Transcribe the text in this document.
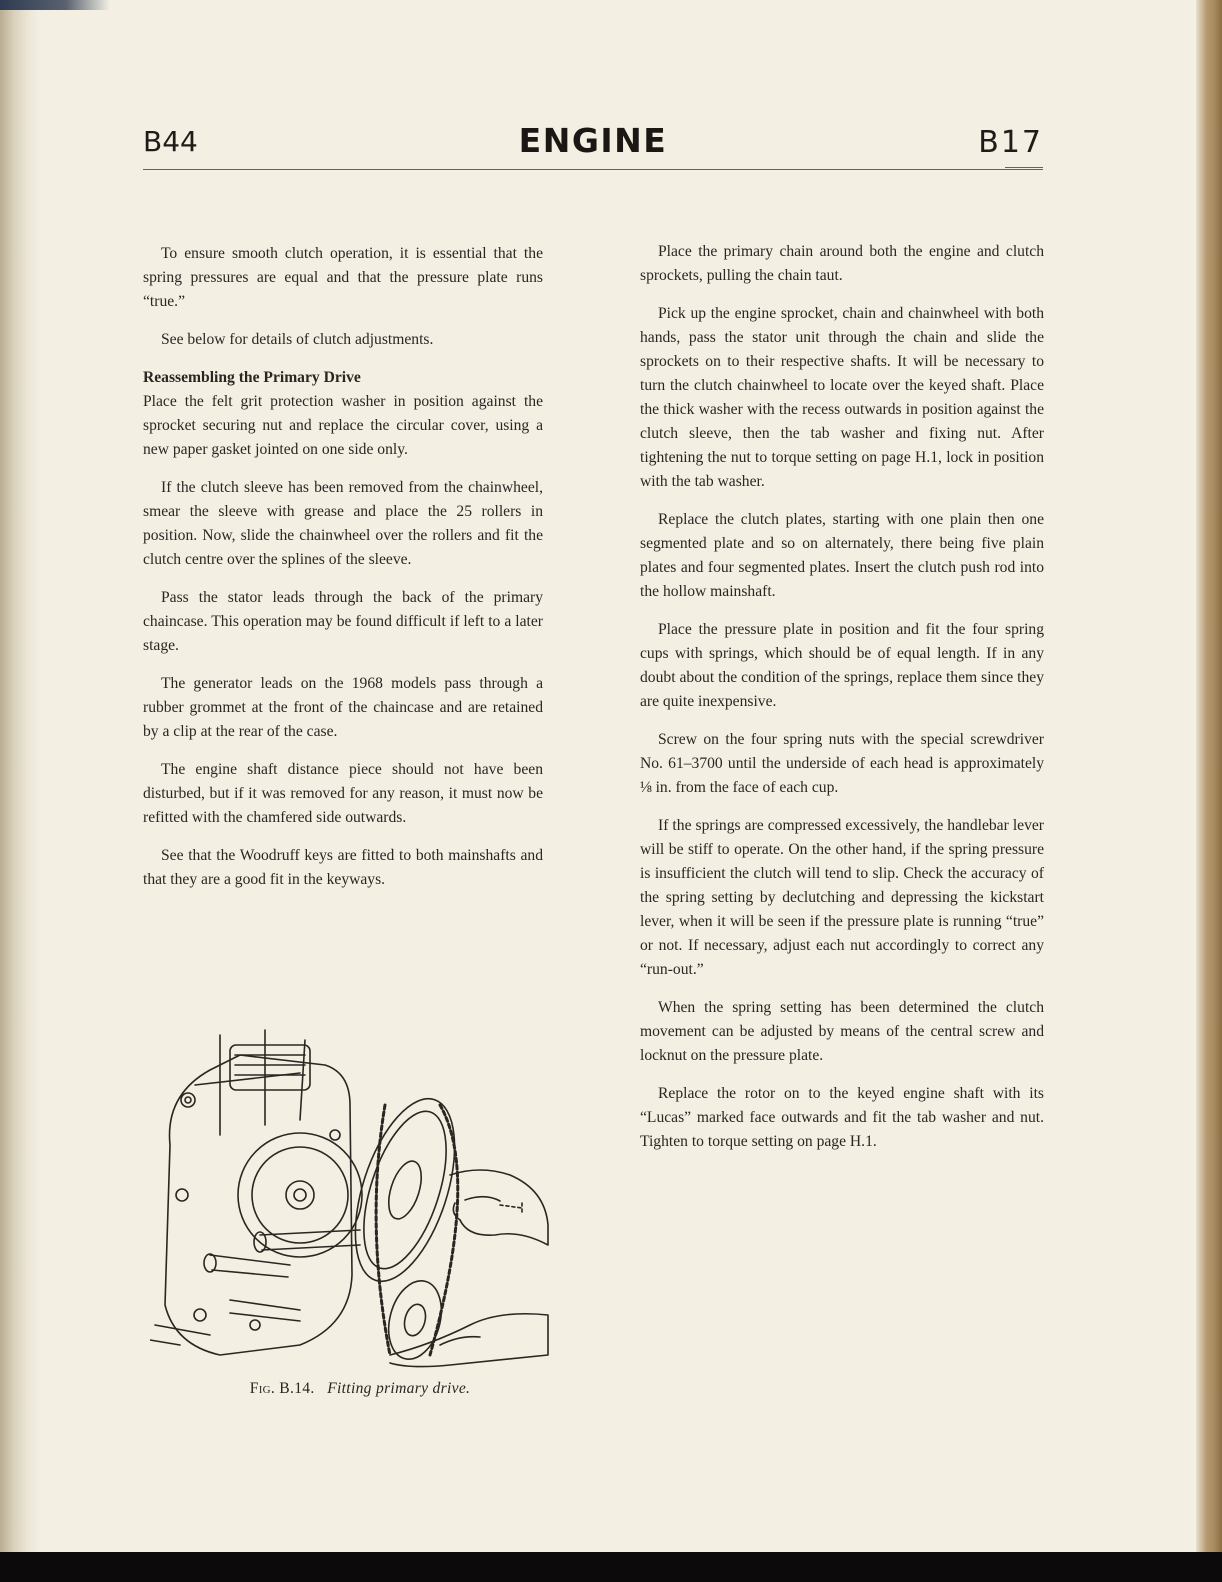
B44	ENGINE	B17

To ensure smooth clutch operation, it is essential that the spring pressures are equal and that the pressure plate runs “true.”

See below for details of clutch adjustments.

Reassembling the Primary Drive

Place the felt grit protection washer in position against the sprocket securing nut and replace the circular cover, using a new paper gasket jointed on one side only.

If the clutch sleeve has been removed from the chainwheel, smear the sleeve with grease and place the 25 rollers in position. Now, slide the chainwheel over the rollers and fit the clutch centre over the splines of the sleeve.

Pass the stator leads through the back of the primary chaincase. This operation may be found difficult if left to a later stage.

The generator leads on the 1968 models pass through a rubber grommet at the front of the chaincase and are retained by a clip at the rear of the case.

The engine shaft distance piece should not have been disturbed, but if it was removed for any reason, it must now be refitted with the chamfered side outwards.

See that the Woodruff keys are fitted to both mainshafts and that they are a good fit in the keyways.

Fig. B.14. Fitting primary drive.

Place the primary chain around both the engine and clutch sprockets, pulling the chain taut.

Pick up the engine sprocket, chain and chainwheel with both hands, pass the stator unit through the chain and slide the sprockets on to their respective shafts. It will be necessary to turn the clutch chainwheel to locate over the keyed shaft. Place the thick washer with the recess outwards in position against the clutch sleeve, then the tab washer and fixing nut. After tightening the nut to torque setting on page H.1, lock in position with the tab washer.

Replace the clutch plates, starting with one plain then one segmented plate and so on alternately, there being five plain plates and four segmented plates. Insert the clutch push rod into the hollow mainshaft.

Place the pressure plate in position and fit the four spring cups with springs, which should be of equal length. If in any doubt about the condition of the springs, replace them since they are quite inexpensive.

Screw on the four spring nuts with the special screwdriver No. 61–3700 until the underside of each head is approximately ⅛ in. from the face of each cup.

If the springs are compressed excessively, the handlebar lever will be stiff to operate. On the other hand, if the spring pressure is insufficient the clutch will tend to slip. Check the accuracy of the spring setting by declutching and depressing the kickstart lever, when it will be seen if the pressure plate is running “true” or not. If necessary, adjust each nut accordingly to correct any “run-out.”

When the spring setting has been determined the clutch movement can be adjusted by means of the central screw and locknut on the pressure plate.

Replace the rotor on to the keyed engine shaft with its “Lucas” marked face outwards and fit the tab washer and nut. Tighten to torque setting on page H.1.
